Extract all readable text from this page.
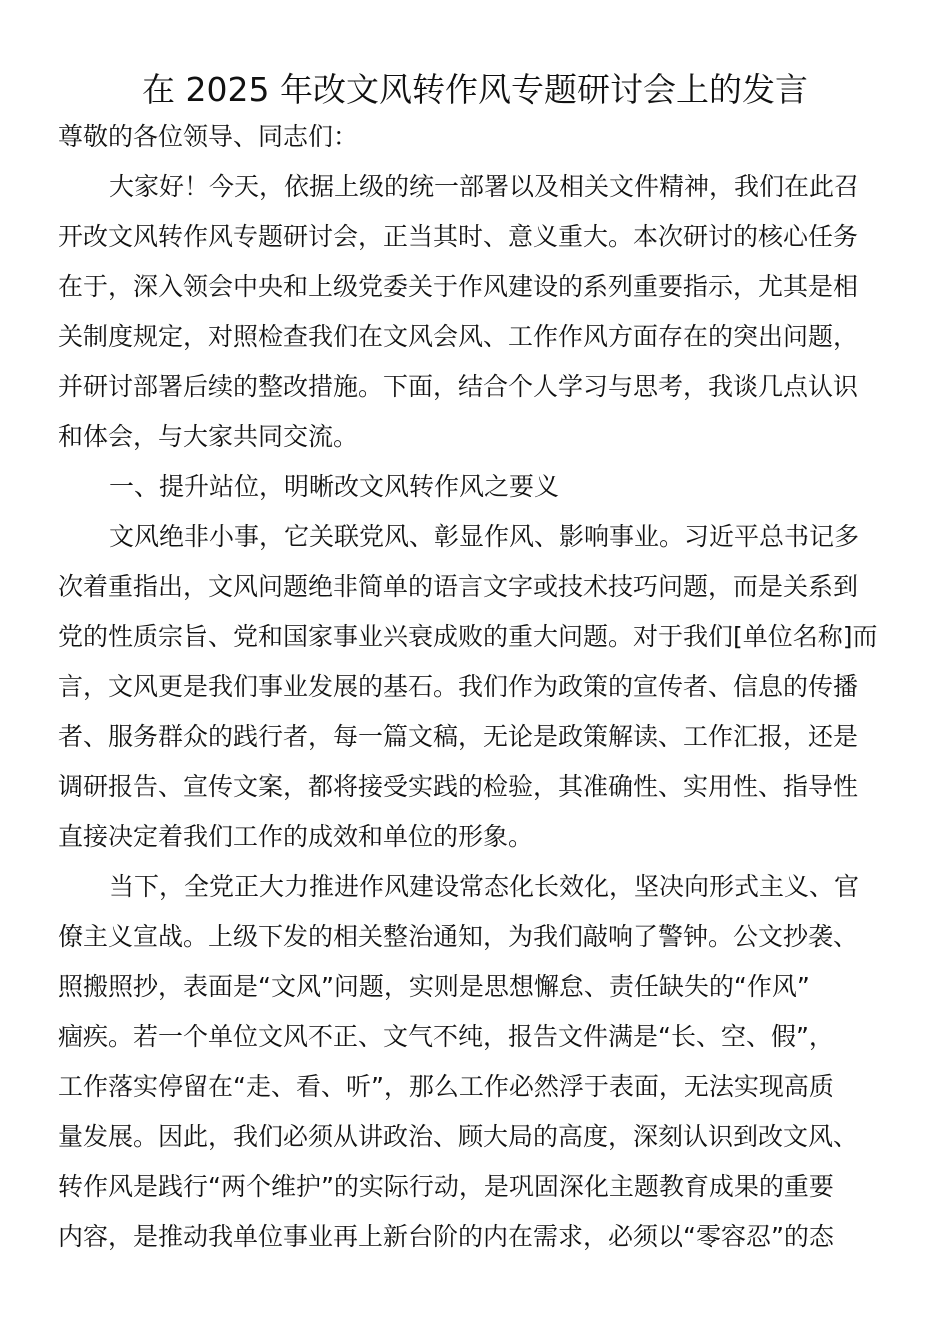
在 2025 年改文风转作风专题研讨会上的发言
尊敬的各位领导、同志们：
大家好！今天，依据上级的统一部署以及相关文件精神，我们在此召
开改文风转作风专题研讨会，正当其时、意义重大。本次研讨的核心任务
在于，深入领会中央和上级党委关于作风建设的系列重要指示，尤其是相
关制度规定，对照检查我们在文风会风、工作作风方面存在的突出问题，
并研讨部署后续的整改措施。下面，结合个人学习与思考，我谈几点认识
和体会，与大家共同交流。
一、提升站位，明晰改文风转作风之要义
文风绝非小事，它关联党风、彰显作风、影响事业。习近平总书记多
次着重指出，文风问题绝非简单的语言文字或技术技巧问题，而是关系到
党的性质宗旨、党和国家事业兴衰成败的重大问题。对于我们[单位名称]而
言，文风更是我们事业发展的基石。我们作为政策的宣传者、信息的传播
者、服务群众的践行者，每一篇文稿，无论是政策解读、工作汇报，还是
调研报告、宣传文案，都将接受实践的检验，其准确性、实用性、指导性
直接决定着我们工作的成效和单位的形象。
当下，全党正大力推进作风建设常态化长效化，坚决向形式主义、官
僚主义宣战。上级下发的相关整治通知，为我们敲响了警钟。公文抄袭、
照搬照抄，表面是“文风”问题，实则是思想懈怠、责任缺失的“作风”
痼疾。若一个单位文风不正、文气不纯，报告文件满是“长、空、假”，
工作落实停留在“走、看、听”，那么工作必然浮于表面，无法实现高质
量发展。因此，我们必须从讲政治、顾大局的高度，深刻认识到改文风、
转作风是践行“两个维护”的实际行动，是巩固深化主题教育成果的重要
内容，是推动我单位事业再上新台阶的内在需求，必须以“零容忍”的态
